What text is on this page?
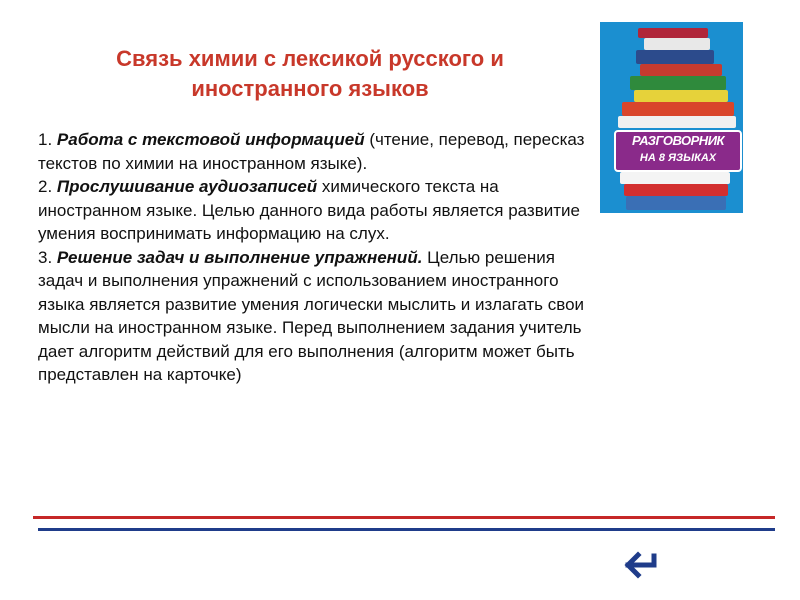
Связь химии с лексикой русского и
иностранного языков

1. Работа с текстовой информацией (чтение, перевод, пересказ текстов по химии на иностранном языке).

2. Прослушивание аудиозаписей химического текста на иностранном языке. Целью данного вида работы является развитие умения воспринимать информацию на слух.

3. Решение задач и выполнение упражнений. Целью решения задач и выполнения упражнений с использованием иностранного языка является развитие умения логически мыслить и излагать свои мысли на иностранном языке. Перед выполнением задания учитель дает алгоритм действий для его выполнения (алгоритм может быть представлен на карточке)

РАЗГОВОРНИК
НА 8 ЯЗЫКАХ
